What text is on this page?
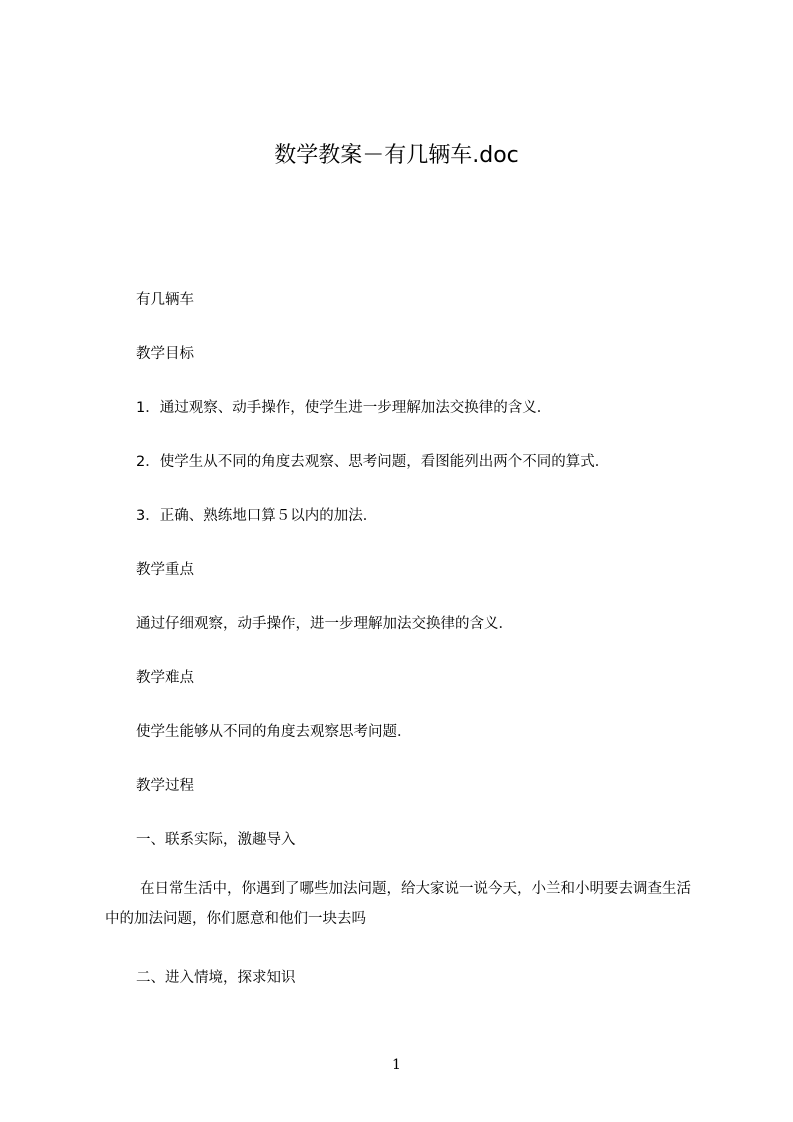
数学教案－有几辆车.doc
有几辆车
教学目标
1．通过观察、动手操作，使学生进一步理解加法交换律的含义．
2．使学生从不同的角度去观察、思考问题，看图能列出两个不同的算式．
3．正确、熟练地口算５以内的加法．
教学重点
通过仔细观察，动手操作，进一步理解加法交换律的含义．
教学难点
使学生能够从不同的角度去观察思考问题．
教学过程
一、联系实际，激趣导入
在日常生活中，你遇到了哪些加法问题，给大家说一说今天，小兰和小明要去调查生活中的加法问题，你们愿意和他们一块去吗
二、进入情境，探求知识
1
